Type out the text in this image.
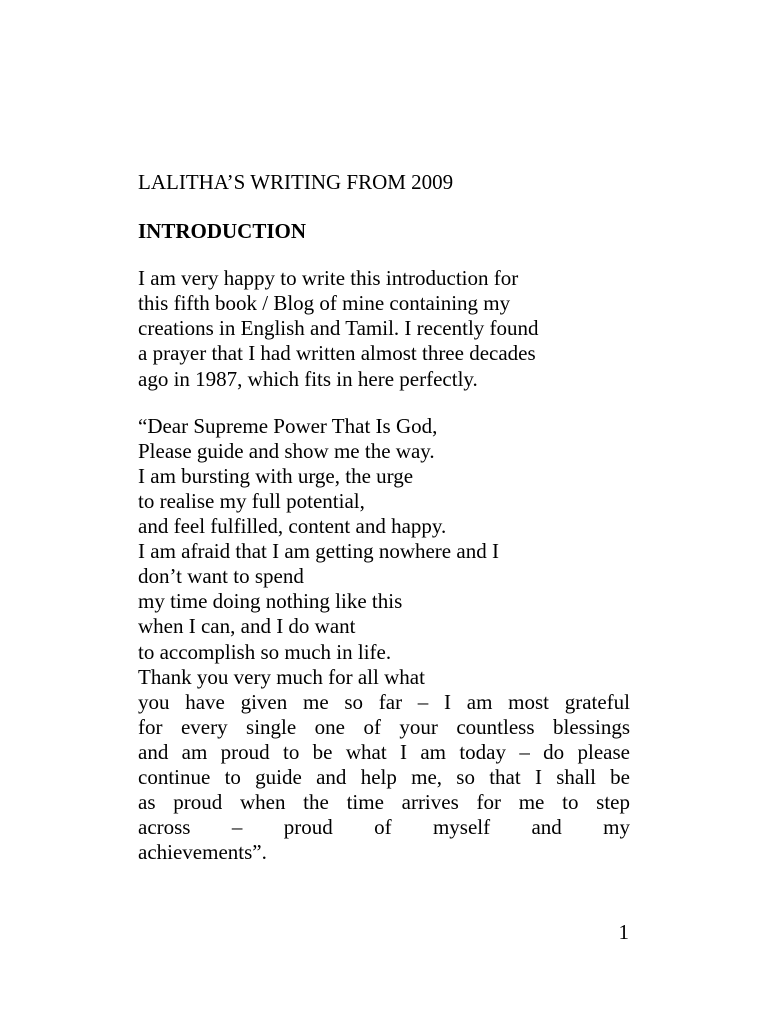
LALITHA’S WRITING FROM 2009

INTRODUCTION

I am very happy to write this introduction for
this fifth book / Blog of mine containing my
creations in English and Tamil. I recently found
a prayer that I had written almost three decades
ago in 1987, which fits in here perfectly.

“Dear Supreme Power That Is God,
Please guide and show me the way.
I am bursting with urge, the urge
to realise my full potential,
and feel fulfilled, content and happy.
I am afraid that I am getting nowhere and I
don’t want to spend
my time doing nothing like this
when I can, and I do want
to accomplish so much in life.
Thank you very much for all what
you have given me so far – I am most grateful
for every single one of your countless blessings
and am proud to be what I am today – do please
continue to guide and help me, so that I shall be
as proud when the time arrives for me to step
across – proud of myself and my
achievements”.

1
